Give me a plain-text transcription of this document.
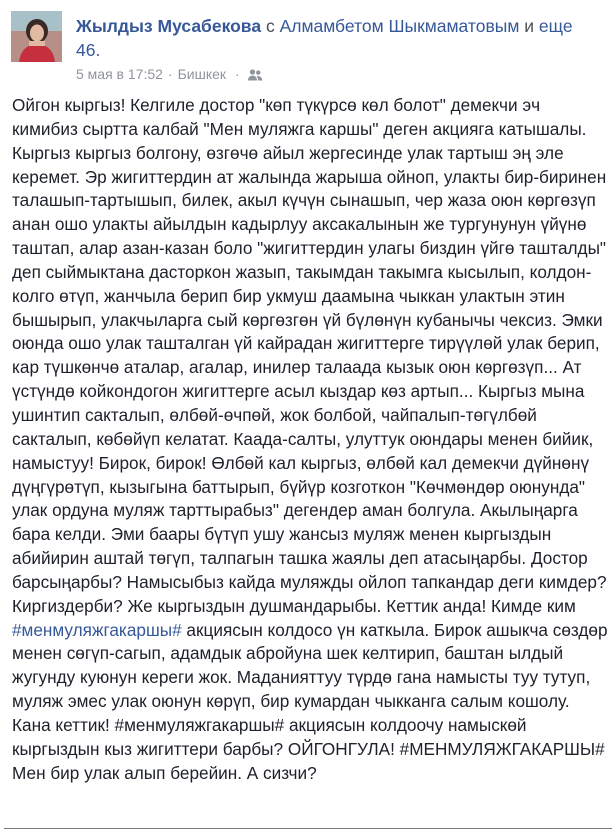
Жылдыз Мусабекова с Алмамбетом Шыкмаматовым и еще 46.
5 мая в 17:52 · Бишкек ·
Ойгон кыргыз! Келгиле достор "көп түкүрсө көл болот" демекчи эч кимибиз сыртта калбай "Мен муляжга каршы" деген акцияга катышалы. Кыргыз кыргыз болгону, өзгөчө айыл жергесинде улак тартыш эң эле керемет. Эр жигиттердин ат жалында жарыша ойноп, улакты бир-биринен талашып-тартышып, билек, акыл күчүн сынашып, чер жаза оюн көргөзүп анан ошо улакты айылдын кадырлуу аксакалынын же тургунунун үйүнө таштап, алар азан-казан боло "жигиттердин улагы биздин үйгө ташталды" деп сыймыктана дасторкон жазып, такымдан такымга кысылып, колдон-колго өтүп, жанчыла берип бир укмуш даамына чыккан улактын этин бышырып, улакчыларга сый көргөзгөн үй бүлөнүн кубанычы чексиз. Эмки оюнда ошо улак ташталган үй кайрадан жигиттерге тирүүлөй улак берип, кар түшкөнчө аталар, агалар, инилер талаада кызык оюн көргөзүп... Ат үстүндө койкондогон жигиттерге асыл кыздар көз артып... Кыргыз мына ушинтип сакталып, өлбөй-өчпөй, жок болбой, чайпалып-төгүлбөй сакталып, көбөйүп келатат. Каада-салты, улуттук оюндары менен бийик, намыстуу! Бирок, бирок! Өлбөй кал кыргыз, өлбөй кал демекчи дүйнөнү дүңгүрөтүп, кызыгына баттырып, бүйүр козготкон "Көчмөндөр оюнунда" улак ордуна муляж тарттырабыз" дегендер аман болгула. Акылыңарга бара келди. Эми баары бүтүп ушу жансыз муляж менен кыргыздын абийирин аштай төгүп, талпагын ташка жаялы деп атасыңарбы. Достор барсыңарбы? Намысыбыз кайда муляжды ойлоп тапкандар деги кимдер? Киргиздерби? Же кыргыздын душмандарыбы. Кеттик анда! Кимде ким #менмуляжгакаршы# акциясын колдосо үн каткыла. Бирок ашыкча сөздөр менен сөгүп-сагып, адамдык абройуна шек келтирип, баштан ылдый жугунду куюнун кереги жок. Маданияттуу түрдө гана намысты туу тутуп, муляж эмес улак оюнун көрүп, бир кумардан чыкканга салым кошолу. Кана кеттик! #менмуляжгакаршы# акциясын колдоочу намыскөй кыргыздын кыз жигиттери барбы? ОЙГОНГУЛА! #МЕНМУЛЯЖГАКАРШЫ# Мен бир улак алып берейин. А сизчи?
